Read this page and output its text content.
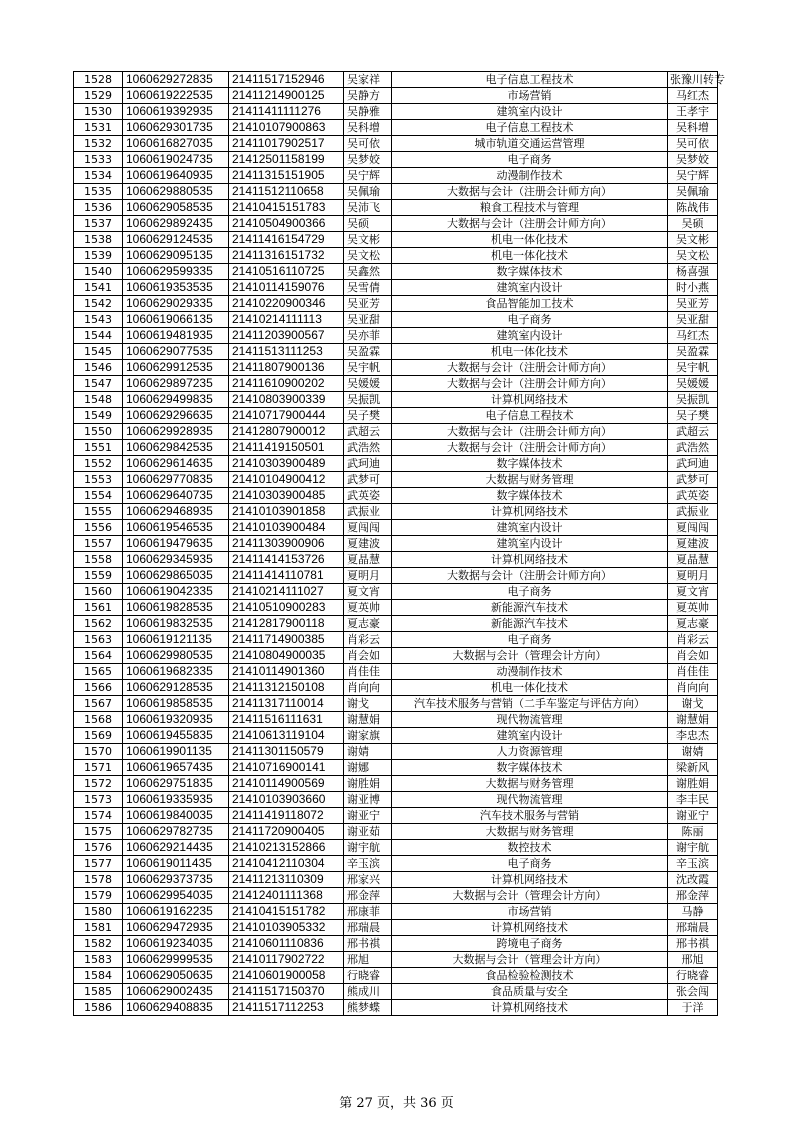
1528	1060629272835	21411517152946	吴家祥	电子信息工程技术	张豫川转专
1529	1060619222535	21411214900125	吴静方	市场营销	马红杰
1530	1060619392935	21411411111276	吴静雅	建筑室内设计	王孝宇
1531	1060629301735	21410107900863	吴科增	电子信息工程技术	吴科增
1532	1060616827035	21411017902517	吴可依	城市轨道交通运营管理	吴可依
1533	1060619024735	21412501158199	吴梦姣	电子商务	吴梦姣
1534	1060619640935	21411315151905	吴宁辉	动漫制作技术	吴宁辉
1535	1060629880535	21411512110658	吴佩瑜	大数据与会计（注册会计师方向）	吴佩瑜
1536	1060629058535	21410415151783	吴沛飞	粮食工程技术与管理	陈战伟
1537	1060629892435	21410504900366	吴硕	大数据与会计（注册会计师方向）	吴硕
1538	1060629124535	21411416154729	吴文彬	机电一体化技术	吴文彬
1539	1060629095135	21411316151732	吴文松	机电一体化技术	吴文松
1540	1060629599335	21410516110725	吴鑫然	数字媒体技术	杨喜强
1541	1060619353535	21410114159076	吴雪倩	建筑室内设计	时小燕
1542	1060629029335	21410220900346	吴亚芳	食品智能加工技术	吴亚芳
1543	1060619066135	21410214111113	吴亚甜	电子商务	吴亚甜
1544	1060619481935	21411203900567	吴亦菲	建筑室内设计	马红杰
1545	1060629077535	21411513111253	吴盈霖	机电一体化技术	吴盈霖
1546	1060629912535	21411807900136	吴宇帆	大数据与会计（注册会计师方向）	吴宇帆
1547	1060629897235	21411610900202	吴媛媛	大数据与会计（注册会计师方向）	吴媛媛
1548	1060629499835	21410803900339	吴振凯	计算机网络技术	吴振凯
1549	1060629296635	21410717900444	吴子樊	电子信息工程技术	吴子樊
1550	1060629928935	21412807900012	武超云	大数据与会计（注册会计师方向）	武超云
1551	1060629842535	21411419150501	武浩然	大数据与会计（注册会计师方向）	武浩然
1552	1060629614635	21410303900489	武珂迪	数字媒体技术	武珂迪
1553	1060629770835	21410104900412	武梦可	大数据与财务管理	武梦可
1554	1060629640735	21410303900485	武英姿	数字媒体技术	武英姿
1555	1060629468935	21410103901858	武振业	计算机网络技术	武振业
1556	1060619546535	21410103900484	夏闯闯	建筑室内设计	夏闯闯
1557	1060619479635	21411303900906	夏建波	建筑室内设计	夏建波
1558	1060629345935	21411414153726	夏晶慧	计算机网络技术	夏晶慧
1559	1060629865035	21411414110781	夏明月	大数据与会计（注册会计师方向）	夏明月
1560	1060619042335	21410214111027	夏文宵	电子商务	夏文宵
1561	1060619828535	21410510900283	夏英帅	新能源汽车技术	夏英帅
1562	1060619832535	21412817900118	夏志豪	新能源汽车技术	夏志豪
1563	1060619121135	21411714900385	肖彩云	电子商务	肖彩云
1564	1060629980535	21410804900035	肖会如	大数据与会计（管理会计方向）	肖会如
1565	1060619682335	21410114901360	肖佳佳	动漫制作技术	肖佳佳
1566	1060629128535	21411312150108	肖向向	机电一体化技术	肖向向
1567	1060619858535	21411317110014	谢戈	汽车技术服务与营销（二手车鉴定与评估方向）	谢戈
1568	1060619320935	21411516111631	谢慧娟	现代物流管理	谢慧娟
1569	1060619455835	21410613119104	谢家旗	建筑室内设计	李忠杰
1570	1060619901135	21411301150579	谢婧	人力资源管理	谢婧
1571	1060619657435	21410716900141	谢娜	数字媒体技术	梁新风
1572	1060629751835	21410114900569	谢胜娟	大数据与财务管理	谢胜娟
1573	1060619335935	21410103903660	谢亚博	现代物流管理	李丰民
1574	1060619840035	21411419118072	谢亚宁	汽车技术服务与营销	谢亚宁
1575	1060629782735	21411720900405	谢亚茹	大数据与财务管理	陈丽
1576	1060629214435	21410213152866	谢宇航	数控技术	谢宇航
1577	1060619011435	21410412110304	辛玉滨	电子商务	辛玉滨
1578	1060629373735	21411213110309	邢家兴	计算机网络技术	沈改霞
1579	1060629954035	21412401111368	邢金萍	大数据与会计（管理会计方向）	邢金萍
1580	1060619162235	21410415151782	邢康菲	市场营销	马静
1581	1060629472935	21410103905332	邢瑞晨	计算机网络技术	邢瑞晨
1582	1060619234035	21410601110836	邢书祺	跨境电子商务	邢书祺
1583	1060629999535	21410117902722	邢旭	大数据与会计（管理会计方向）	邢旭
1584	1060629050635	21410601900058	行晓睿	食品检验检测技术	行晓睿
1585	1060629002435	21411517150370	熊成川	食品质量与安全	张会闯
1586	1060629408835	21411517112253	熊梦蝶	计算机网络技术	于洋
第 27 页，共 36 页
